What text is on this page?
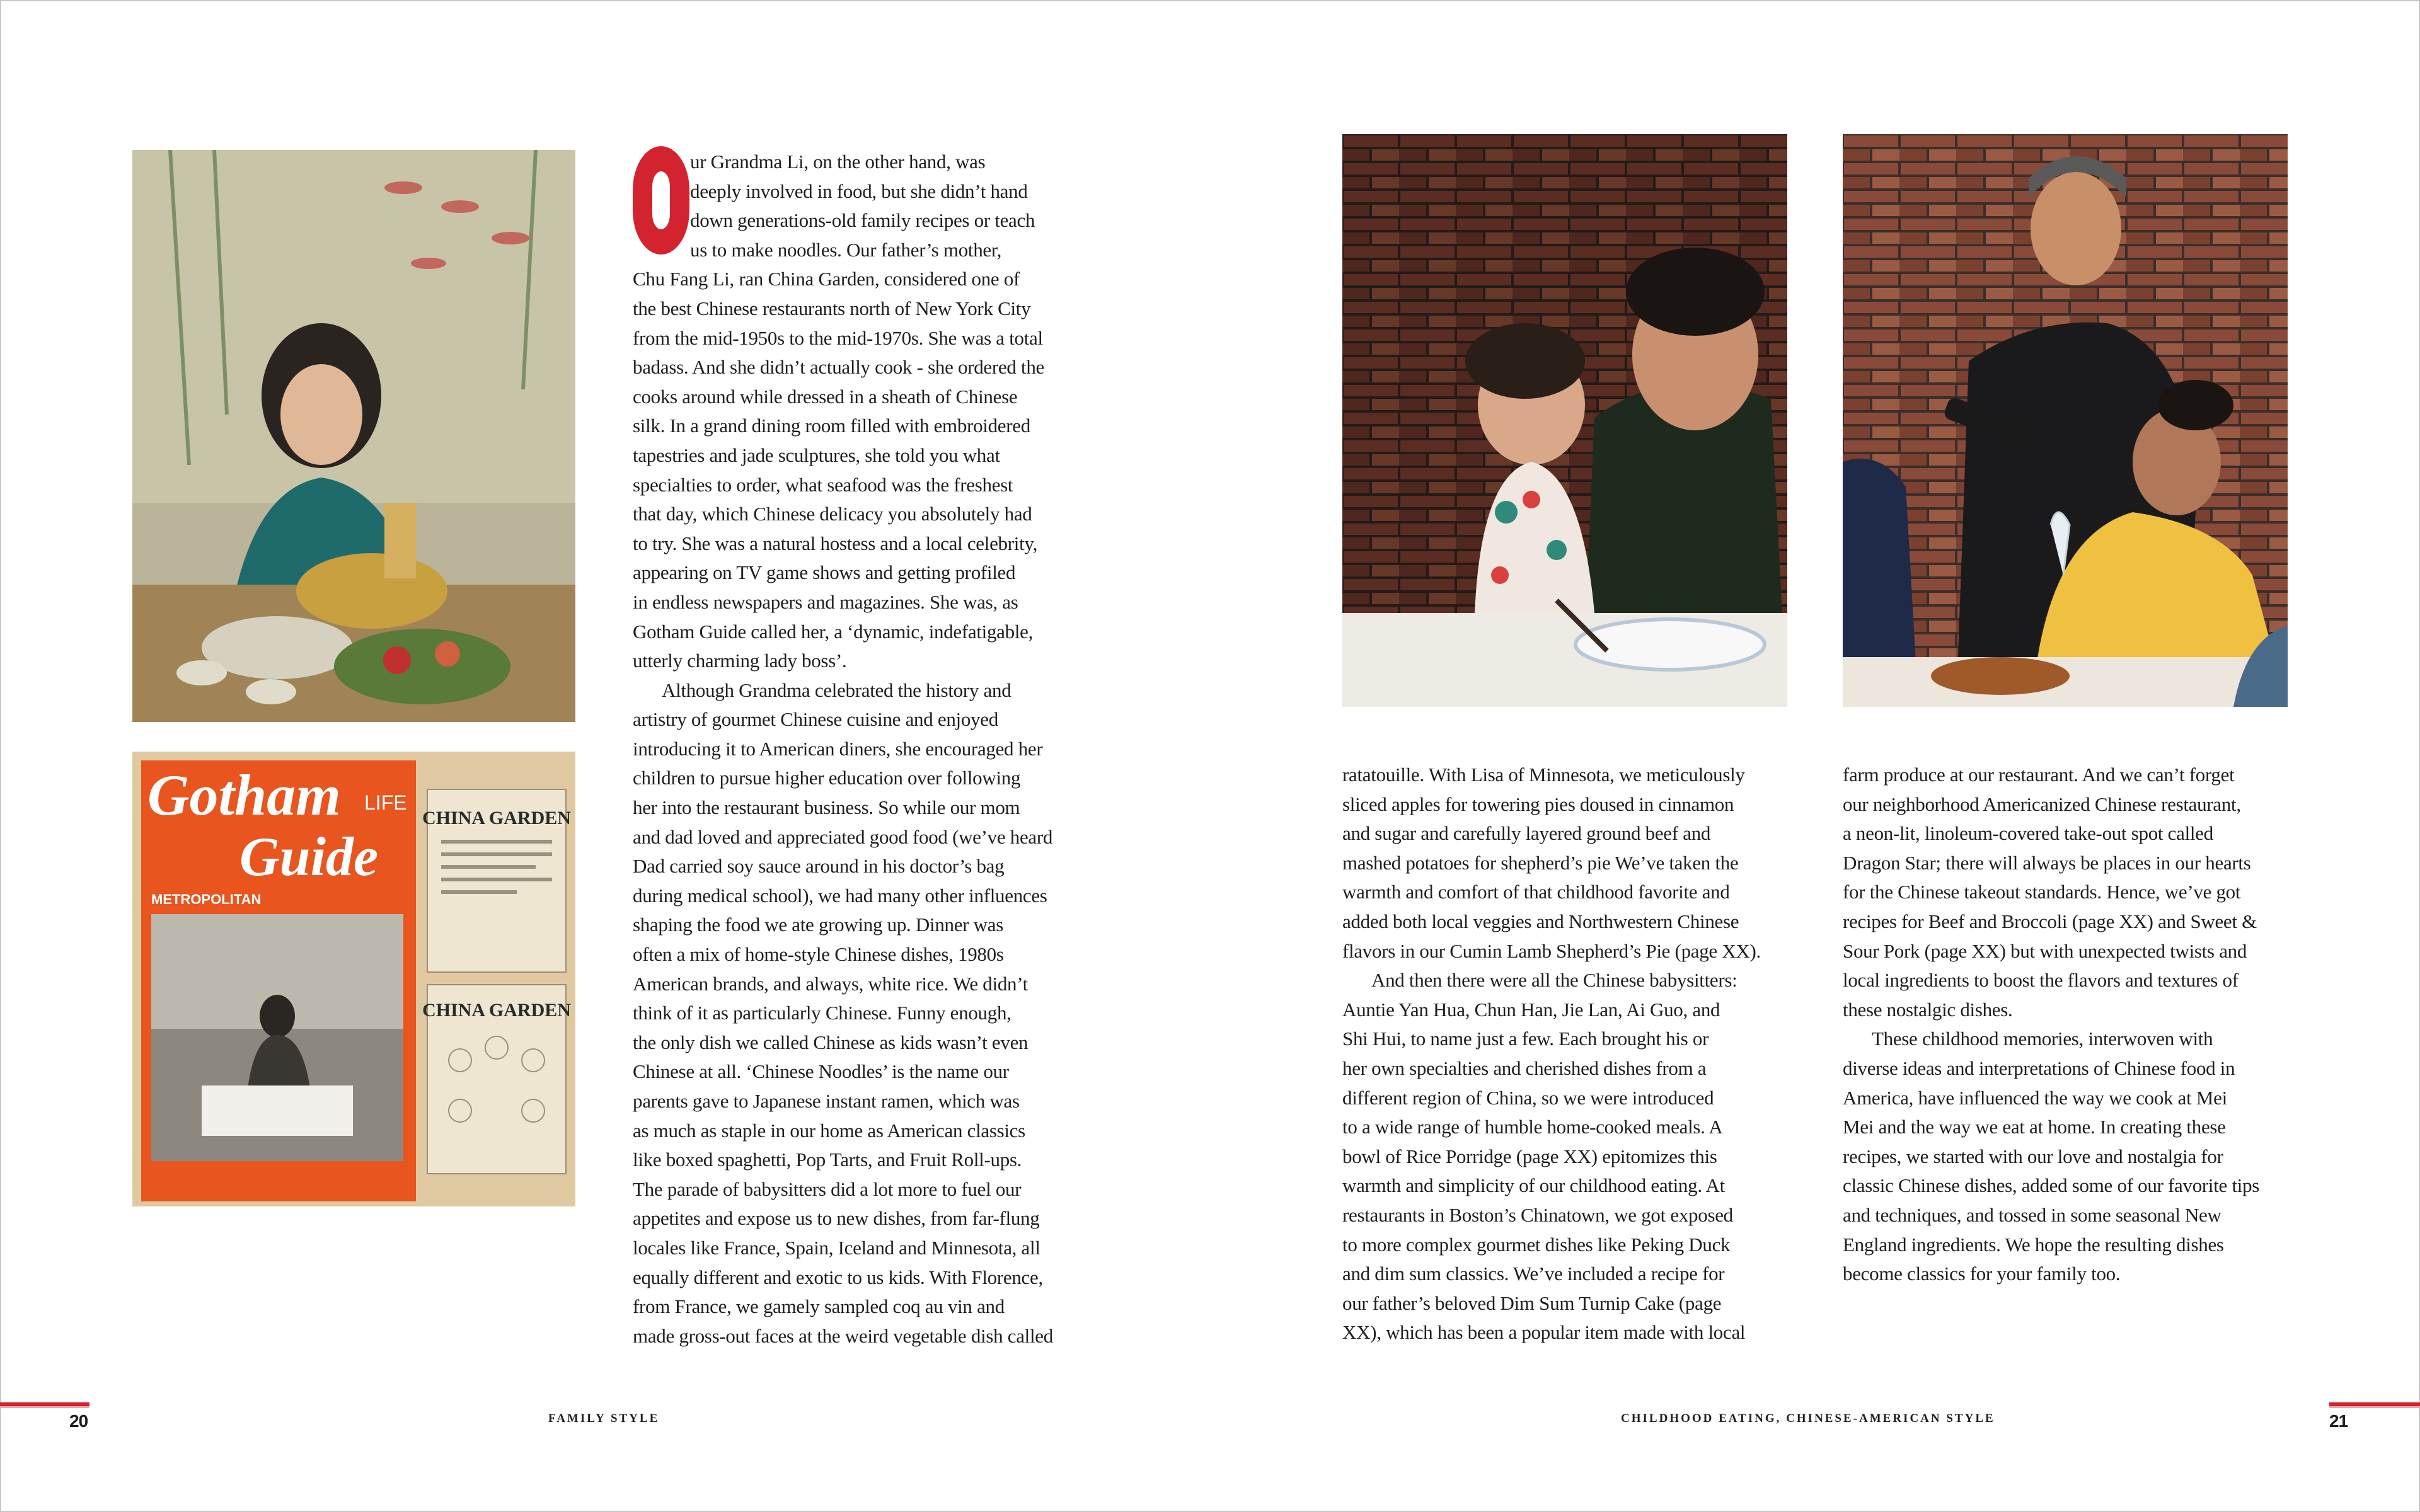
Gotham LIFE
Guide
METROPOLITAN
CHINA GARDEN
CHINA GARDEN
ur Grandma Li, on the other hand, was
deeply involved in food, but she didn’t hand
down generations-old family recipes or teach
us to make noodles. Our father’s mother,
Chu Fang Li, ran China Garden, considered one of
the best Chinese restaurants north of New York City
from the mid-1950s to the mid-1970s. She was a total
badass. And she didn’t actually cook - she ordered the
cooks around while dressed in a sheath of Chinese
silk. In a grand dining room filled with embroidered
tapestries and jade sculptures, she told you what
specialties to order, what seafood was the freshest
that day, which Chinese delicacy you absolutely had
to try. She was a natural hostess and a local celebrity,
appearing on TV game shows and getting profiled
in endless newspapers and magazines. She was, as
Gotham Guide called her, a ‘dynamic, indefatigable,
utterly charming lady boss’.
Although Grandma celebrated the history and
artistry of gourmet Chinese cuisine and enjoyed
introducing it to American diners, she encouraged her
children to pursue higher education over following
her into the restaurant business. So while our mom
and dad loved and appreciated good food (we’ve heard
Dad carried soy sauce around in his doctor’s bag
during medical school), we had many other influences
shaping the food we ate growing up. Dinner was
often a mix of home-style Chinese dishes, 1980s
American brands, and always, white rice. We didn’t
think of it as particularly Chinese. Funny enough,
the only dish we called Chinese as kids wasn’t even
Chinese at all. ‘Chinese Noodles’ is the name our
parents gave to Japanese instant ramen, which was
as much as staple in our home as American classics
like boxed spaghetti, Pop Tarts, and Fruit Roll-ups.
The parade of babysitters did a lot more to fuel our
appetites and expose us to new dishes, from far-flung
locales like France, Spain, Iceland and Minnesota, all
equally different and exotic to us kids. With Florence,
from France, we gamely sampled coq au vin and
made gross-out faces at the weird vegetable dish called
ratatouille. With Lisa of Minnesota, we meticulously
sliced apples for towering pies doused in cinnamon
and sugar and carefully layered ground beef and
mashed potatoes for shepherd’s pie We’ve taken the
warmth and comfort of that childhood favorite and
added both local veggies and Northwestern Chinese
flavors in our Cumin Lamb Shepherd’s Pie (page XX).
And then there were all the Chinese babysitters:
Auntie Yan Hua, Chun Han, Jie Lan, Ai Guo, and
Shi Hui, to name just a few. Each brought his or
her own specialties and cherished dishes from a
different region of China, so we were introduced
to a wide range of humble home-cooked meals. A
bowl of Rice Porridge (page XX) epitomizes this
warmth and simplicity of our childhood eating. At
restaurants in Boston’s Chinatown, we got exposed
to more complex gourmet dishes like Peking Duck
and dim sum classics. We’ve included a recipe for
our father’s beloved Dim Sum Turnip Cake (page
XX), which has been a popular item made with local
farm produce at our restaurant. And we can’t forget
our neighborhood Americanized Chinese restaurant,
a neon-lit, linoleum-covered take-out spot called
Dragon Star; there will always be places in our hearts
for the Chinese takeout standards. Hence, we’ve got
recipes for Beef and Broccoli (page XX) and Sweet &
Sour Pork (page XX) but with unexpected twists and
local ingredients to boost the flavors and textures of
these nostalgic dishes.
These childhood memories, interwoven with
diverse ideas and interpretations of Chinese food in
America, have influenced the way we cook at Mei
Mei and the way we eat at home. In creating these
recipes, we started with our love and nostalgia for
classic Chinese dishes, added some of our favorite tips
and techniques, and tossed in some seasonal New
England ingredients. We hope the resulting dishes
become classics for your family too.
20	FAMILY STYLE	CHILDHOOD EATING, CHINESE-AMERICAN STYLE	21
